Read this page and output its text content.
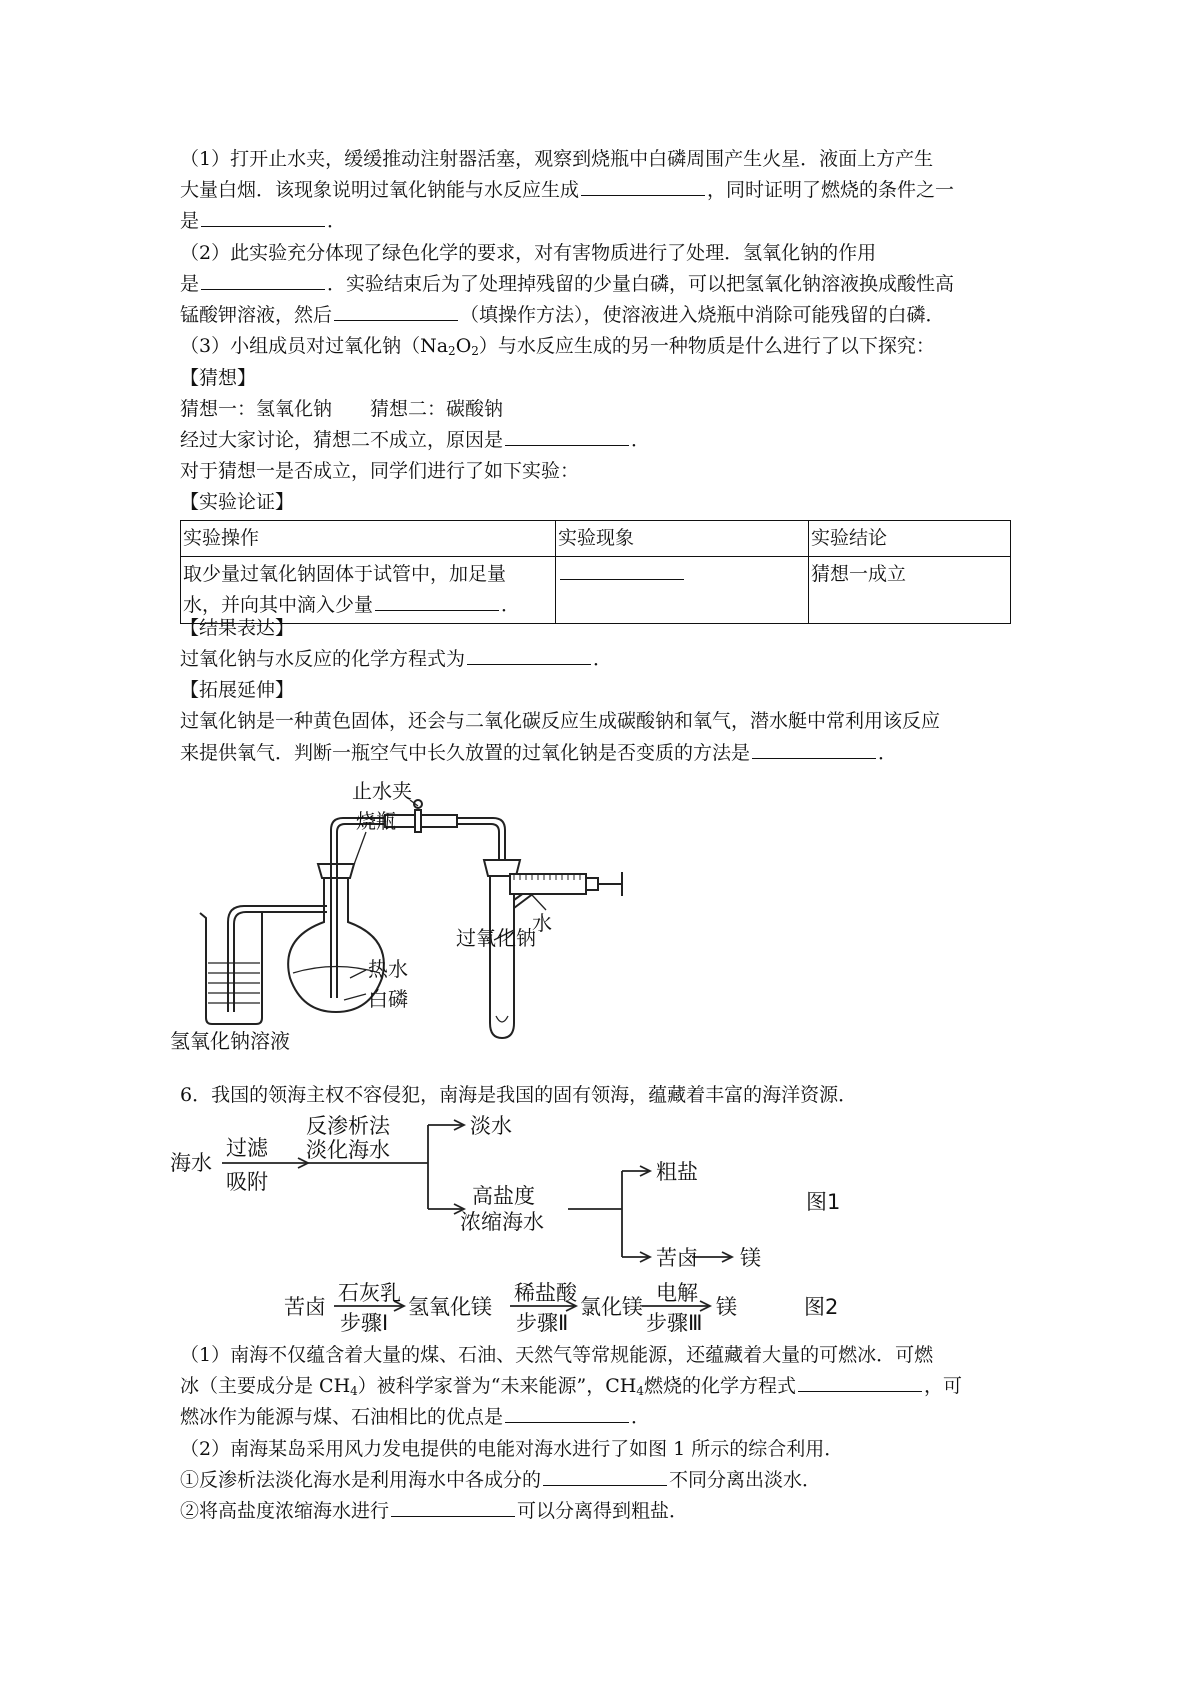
（1）打开止水夹，缓缓推动注射器活塞，观察到烧瓶中白磷周围产生火星．液面上方产生
大量白烟．该现象说明过氧化钠能与水反应生成	，同时证明了燃烧的条件之一
是	．
（2）此实验充分体现了绿色化学的要求，对有害物质进行了处理．氢氧化钠的作用
是	．实验结束后为了处理掉残留的少量白磷，可以把氢氧化钠溶液换成酸性高
锰酸钾溶液，然后	（填操作方法），使溶液进入烧瓶中消除可能残留的白磷．
（3）小组成员对过氧化钠$(Na_2O_2)$与水反应生成的另一种物质是什么进行了以下探究：
【猜想】
猜想一：氢氧化钠　　猜想二：碳酸钠
经过大家讨论，猜想二不成立，原因是	．
对于猜想一是否成立，同学们进行了如下实验：
【实验论证】
实验操作	实验现象	实验结论
取少量过氧化钠固体于试管中，加足量
水，并向其中滴入少量 ．		猜想一成立
【结果表达】
过氧化钠与水反应的化学方程式为	．
【拓展延伸】
过氧化钠是一种黄色固体，还会与二氧化碳反应生成碳酸钠和氧气，潜水艇中常利用该反应
来提供氧气．判断一瓶空气中长久放置的过氧化钠是否变质的方法是	．
止水夹
烧瓶
水
过氧化钠
热水
白磷
氢氧化钠溶液
6．我国的领海主权不容侵犯，南海是我国的固有领海，蕴藏着丰富的海洋资源．
海水
过滤
吸附
反渗析法
淡化海水
淡水
高盐度
浓缩海水
粗盐
苦卤 镁
图1
苦卤
石灰乳
步骤Ⅰ
氢氧化镁
稀盐酸
步骤Ⅱ
氯化镁
电解
步骤Ⅲ
镁	图2
（1）南海不仅蕴含着大量的煤、石油、天然气等常规能源，还蕴藏着大量的可燃冰．可燃
冰（主要成分是 $CH_4$）被科学家誉为“未来能源”，$CH_4$燃烧的化学方程式	，可
燃冰作为能源与煤、石油相比的优点是	．
（2）南海某岛采用风力发电提供的电能对海水进行了如图 1 所示的综合利用．
①反渗析法淡化海水是利用海水中各成分的	不同分离出淡水．
②将高盐度浓缩海水进行	可以分离得到粗盐．
